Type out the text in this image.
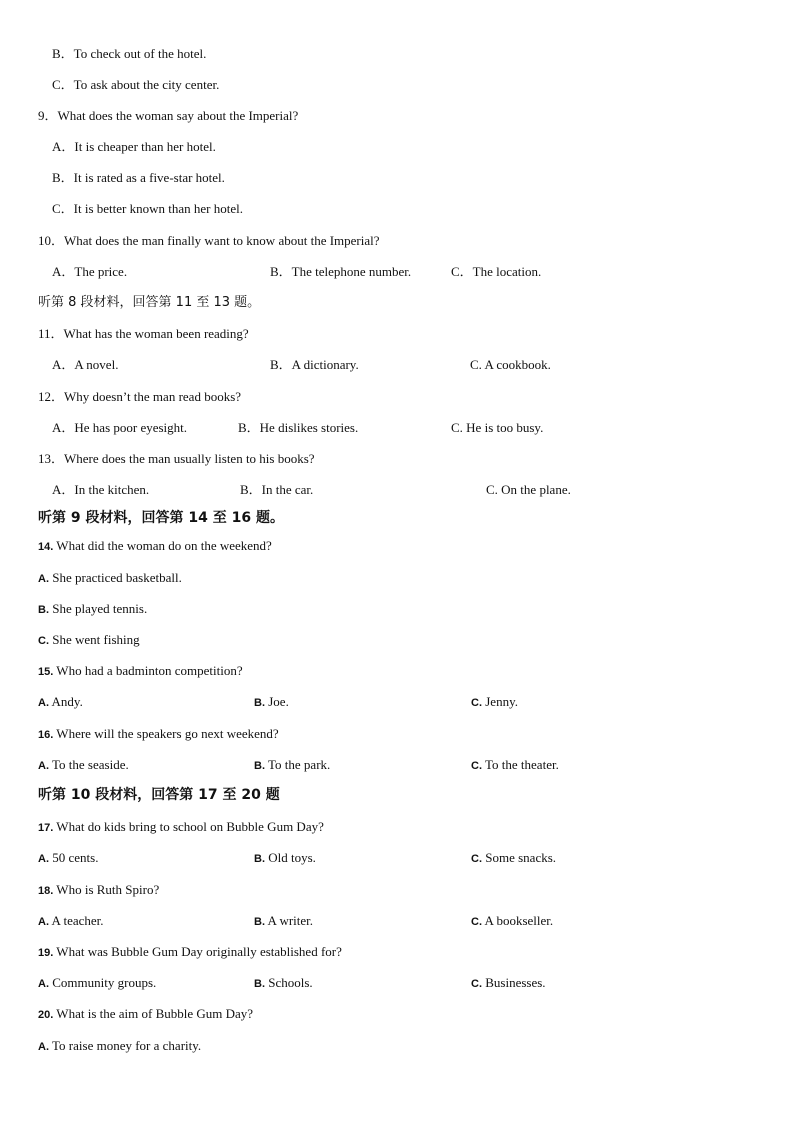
B．To check out of the hotel.
C．To ask about the city center.
9．What does the woman say about the Imperial?
A．It is cheaper than her hotel.
B．It is rated as a five-star hotel.
C．It is better known than her hotel.
10．What does the man finally want to know about the Imperial?
A．The price.	B．The telephone number.	C．The location.
听第 8 段材料，回答第 11 至 13 题。
11．What has the woman been reading?
A．A novel.	B．A dictionary.	C. A cookbook.
12．Why doesn’t the man read books?
A．He has poor eyesight.	B．He dislikes stories.	C. He is too busy.
13．Where does the man usually listen to his books?
A．In the kitchen.	B．In the car.	C. On the plane.
听第 9 段材料，回答第 14 至 16 题。
14. What did the woman do on the weekend?
A. She practiced basketball.
B. She played tennis.
C. She went fishing
15. Who had a badminton competition?
A. Andy.	B. Joe.	C. Jenny.
16. Where will the speakers go next weekend?
A. To the seaside.	B. To the park.	C. To the theater.
听第 10 段材料，回答第 17 至 20 题
17. What do kids bring to school on Bubble Gum Day?
A. 50 cents.	B. Old toys.	C. Some snacks.
18. Who is Ruth Spiro?
A. A teacher.	B. A writer.	C. A bookseller.
19. What was Bubble Gum Day originally established for?
A. Community groups.	B. Schools.	C. Businesses.
20. What is the aim of Bubble Gum Day?
A. To raise money for a charity.
